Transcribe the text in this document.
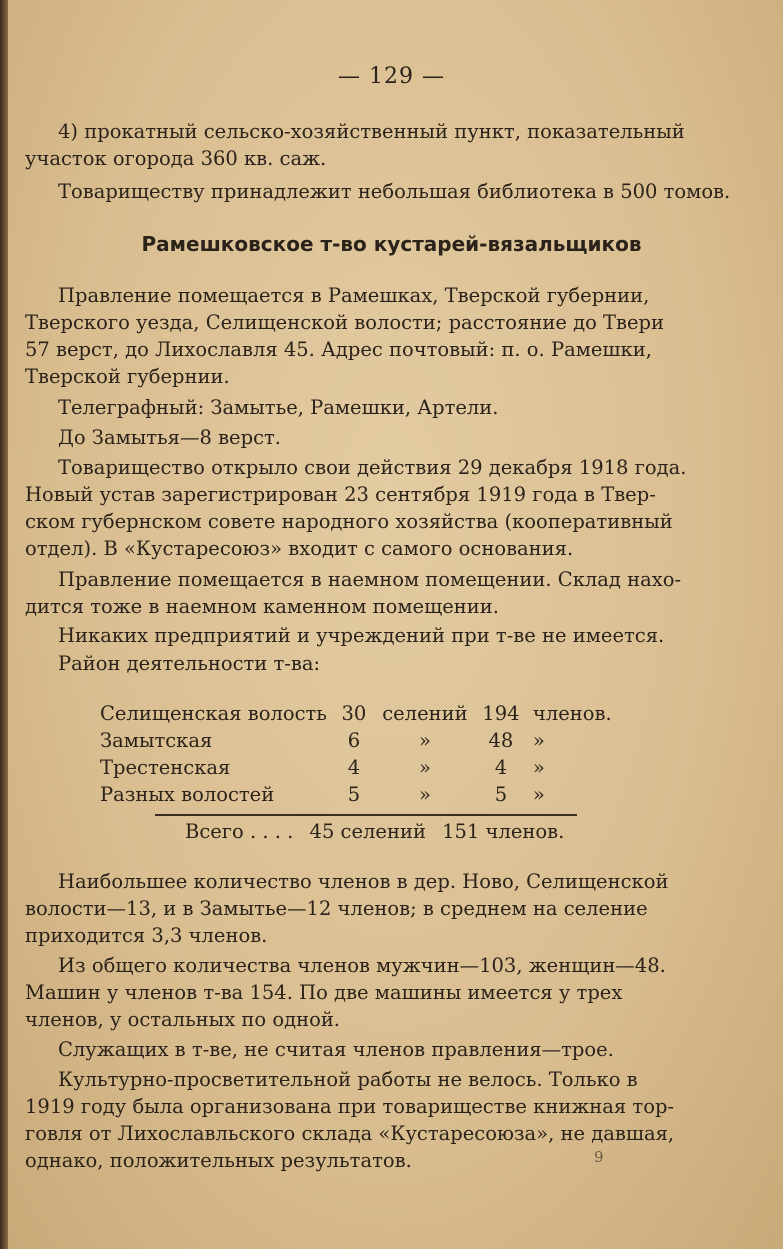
— 129 —
4) прокатный сельско-хозяйственный пункт, показательный
участок огорода 360 кв. саж.
Товариществу принадлежит небольшая библиотека в 500 томов.
Рамешковское т-во кустарей-вязальщиков
Правление помещается в Рамешках, Тверской губернии,
Тверского уезда, Селищенской волости; расстояние до Твери
57 верст, до Лихославля 45. Адрес почтовый: п. о. Рамешки,
Тверской губернии.
Телеграфный: Замытье, Рамешки, Артели.
До Замытья—8 верст.
Товарищество открыло свои действия 29 декабря 1918 года.
Новый устав зарегистрирован 23 сентября 1919 года в Твер-
ском губернском совете народного хозяйства (кооперативный
отдел). В «Кустаресоюз» входит с самого основания.
Правление помещается в наемном помещении. Склад нахо-
дится тоже в наемном каменном помещении.
Никаких предприятий и учреждений при т-ве не имеется.
Район деятельности т-ва:
Селищенская волость	30	селений	194	членов.
Замытская	6	»	48	»
Трестенская	4	»	4	»
Разных волостей	5	»	5	»
Всего . . . . 45 селений 151 членов.
Наибольшее количество членов в дер. Ново, Селищенской
волости—13, и в Замытье—12 членов; в среднем на селение
приходится 3,3 членов.
Из общего количества членов мужчин—103, женщин—48.
Машин у членов т-ва 154. По две машины имеется у трех
членов, у остальных по одной.
Служащих в т-ве, не считая членов правления—трое.
Культурно-просветительной работы не велось. Только в
1919 году была организована при товариществе книжная тор-
говля от Лихославльского склада «Кустаресоюза», не давшая,
однако, положительных результатов.	9
